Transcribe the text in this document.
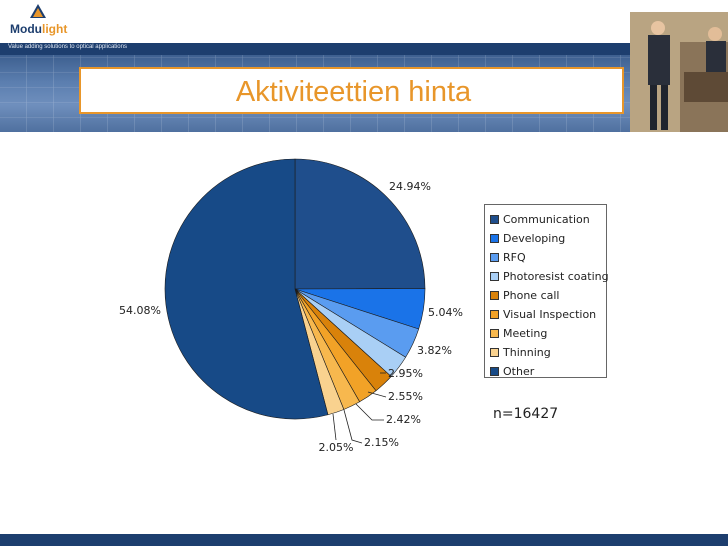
Value adding solutions to optical applications
Modulight
Aktiviteettien hinta
24.94%
5.04%
3.82%
2.95%
2.55%
2.42%
2.15%
2.05%
54.08%
Communication
Developing
RFQ
Photoresist coating
Phone call
Visual Inspection
Meeting
Thinning
Other
n=16427
